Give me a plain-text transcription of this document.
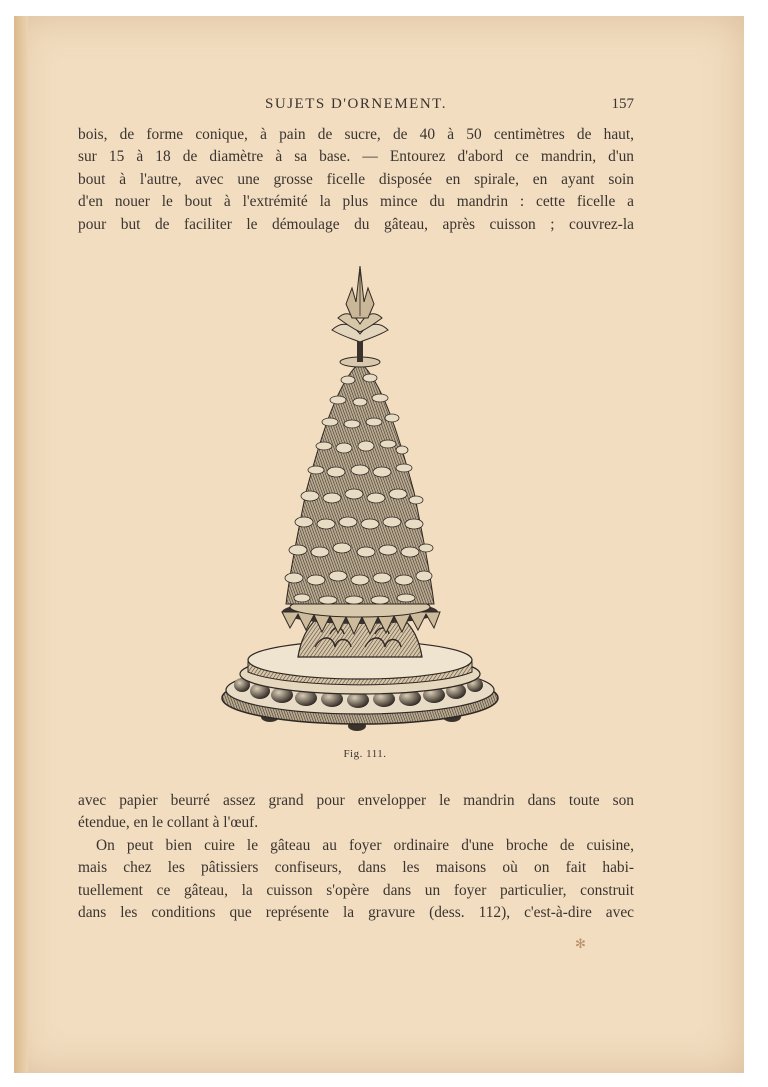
SUJETS D'ORNEMENT.	157
bois, de forme conique, à pain de sucre, de 40 à 50 centimètres de haut,
sur 15 à 18 de diamètre à sa base. — Entourez d'abord ce mandrin, d'un
bout à l'autre, avec une grosse ficelle disposée en spirale, en ayant soin
d'en nouer le bout à l'extrémité la plus mince du mandrin : cette ficelle a
pour but de faciliter le démoulage du gâteau, après cuisson ; couvrez-la
Fig. 111.
avec papier beurré assez grand pour envelopper le mandrin dans toute son
étendue, en le collant à l'œuf.
On peut bien cuire le gâteau au foyer ordinaire d'une broche de cuisine,
mais chez les pâtissiers confiseurs, dans les maisons où on fait habi-
tuellement ce gâteau, la cuisson s'opère dans un foyer particulier, construit
dans les conditions que représente la gravure (dess. 112), c'est-à-dire avec
✻
